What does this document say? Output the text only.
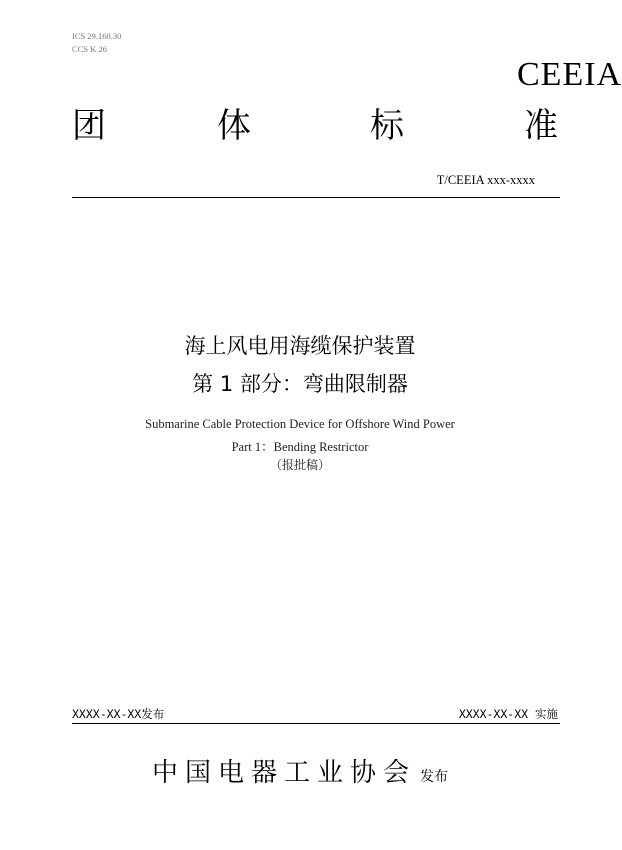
ICS 29.160.30
CCS K 26
CEEIA
团	体	标	准
T/CEEIA xxx-xxxx
海上风电用海缆保护装置
第 1 部分：弯曲限制器
Submarine Cable Protection Device for Offshore Wind Power
Part 1：Bending Restrictor
（报批稿）
XXXX-XX-XX发布	XXXX-XX-XX 实施
中国电器工业协会 发布
